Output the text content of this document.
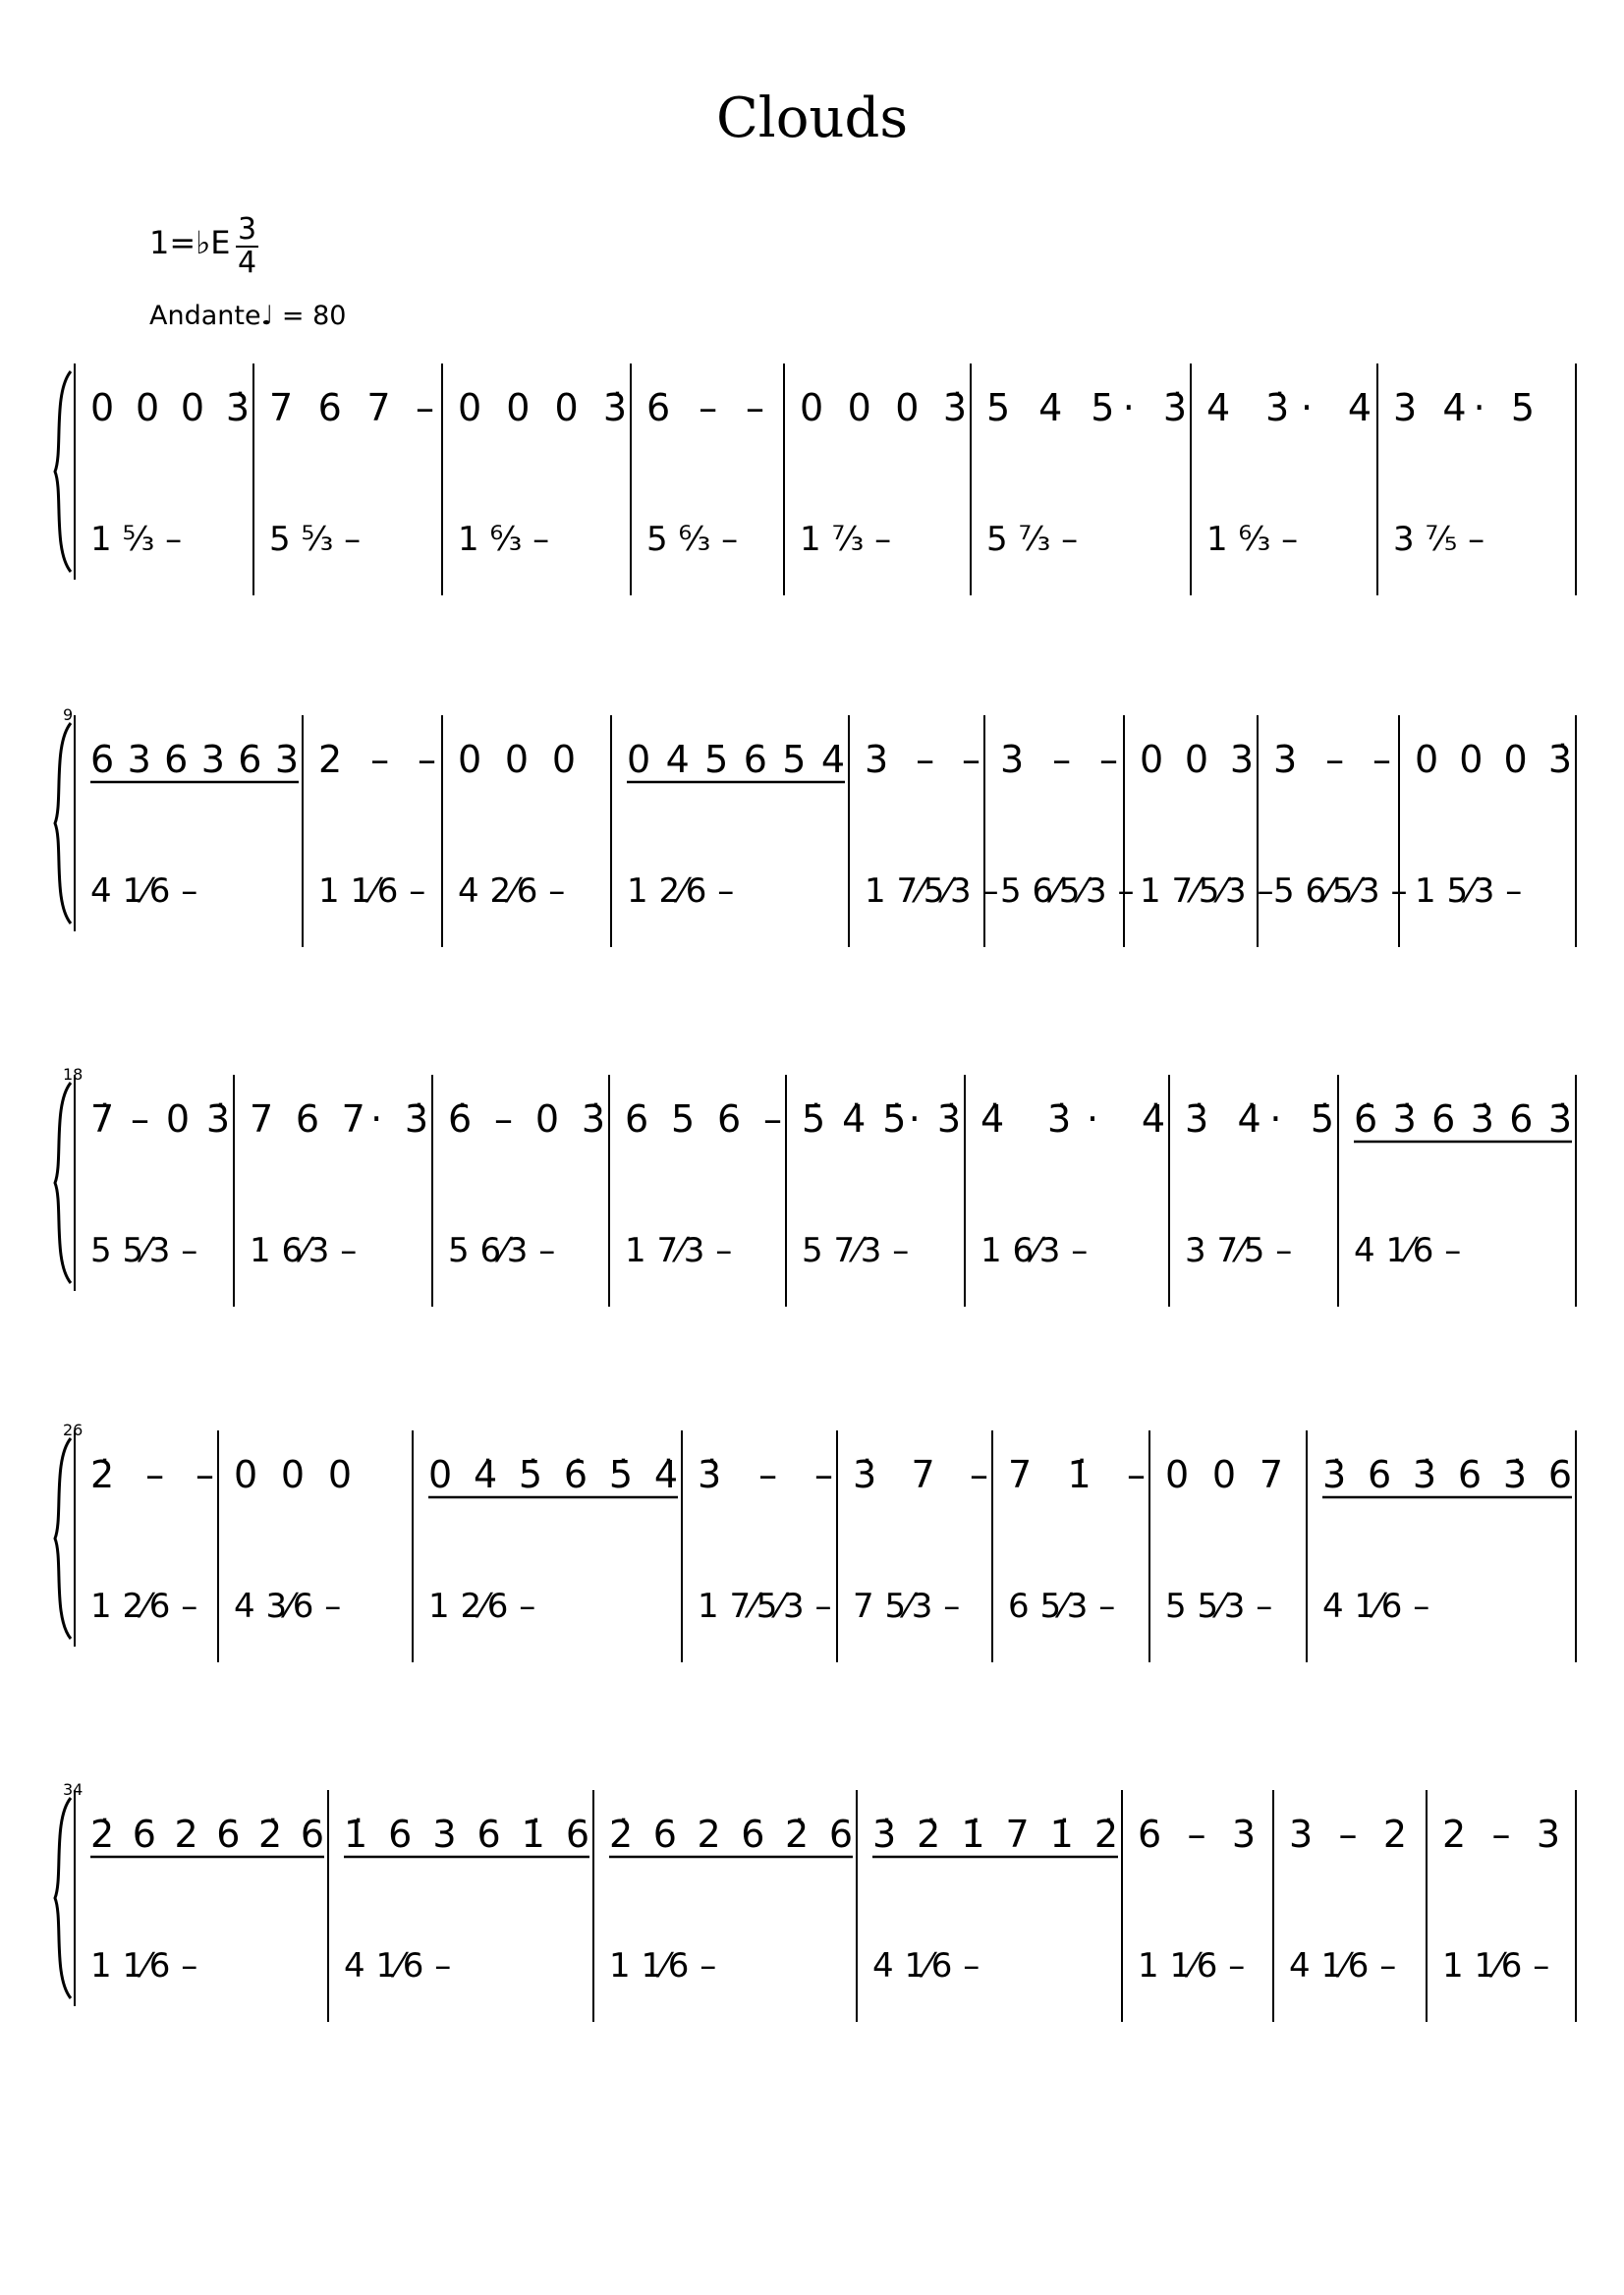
Clouds
1=♭E $\frac{3}{4}$
Andante♩ = 80
0 0 0 3̇
1 ⁵⁄₃ –
7 6 7 –
5 ⁵⁄₃ –
0 0 0 3̇
1 ⁶⁄₃ –
6 – –
5 ⁶⁄₃ –
0 0 0 3̇
1 ⁷⁄₃ –
5 4 5· 3̇
5 ⁷⁄₃ –
4 3̇· 4
1 ⁶⁄₃ –
3 4· 5
3 ⁷⁄₅ –
6 3 6 3 6 3
4 1⁄6 –
2 – –
1 1⁄6 –
0 0 0
4 2⁄6 –
0 4 5 6 5 4
1 2⁄6 –
3 – –
1 7⁄5⁄3 –
3 – –
5 6⁄5⁄3 –
0 0 3
1 7⁄5⁄3 –
3 – –
5 6⁄5⁄3 –
0 0 0 3̇
1 5⁄3 –
9
7̇ – 0 3̇
5 5⁄3 –
7 6 7· 3̇
1 6⁄3 –
6̇ – 0 3̇
5 6⁄3 –
6 5 6 –
1 7⁄3 –
5̇ 4̇ 5̇· 3̇
5 7⁄3 –
4̇ 3̇· 4̇
1 6⁄3 –
3̇ 4̇· 5̇
3 7⁄5 –
6̇ 3̇ 6 3̇ 6 3̇
4 1⁄6 –
18
2̇ – –
1 2⁄6 –
0 0 0
4 3⁄6 –
0 4̇ 5̇ 6̇ 5̇ 4̇
1 2⁄6 –
3̇ – –
1 7⁄5⁄3 –
3̇ 7 –
7 5⁄3 –
7 1̇ –
6 5⁄3 –
0 0 7
5 5⁄3 –
3̇ 6 3̇ 6 3̇ 6
4 1⁄6 –
26
2̇ 6 2 6 2̇ 6
1 1⁄6 –
1̇ 6 3 6 1̇ 6
4 1⁄6 –
2̇ 6 2 6 2̇ 6
1 1⁄6 –
3̇ 2̇ 1̇ 7 1̇ 2̇
4 1⁄6 –
6 – 3
1 1⁄6 –
3 – 2
4 1⁄6 –
2 – 3
1 1⁄6 –
34
